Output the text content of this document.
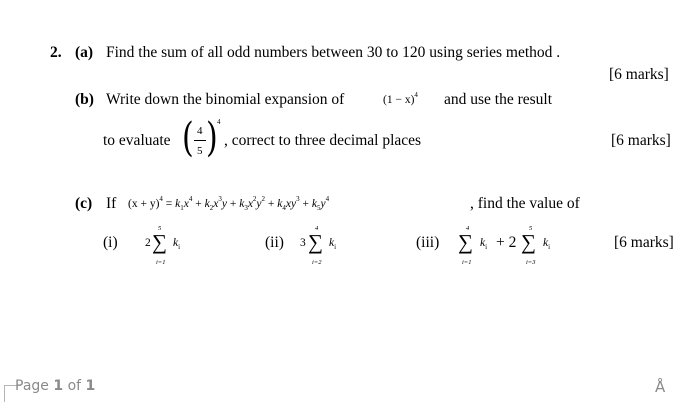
2. (a) Find the sum of all odd numbers between 30 to 120 using series method .
[6 marks]
(b) Write down the binomial expansion of	$(1 - x)^4$ and use the result
to evaluate ( 4
5 ) 4
, correct to three decimal places	[6 marks]
(c) If $(x + y)^4 = k_1x^4 + k_2x^3y + k_3x^2y^2 + k_4xy^3 + k_5y^4$	, find the value of
(i) 2 ∑
5
i=1
$k_i$	(ii) 3 ∑
4
i=2
$k_i$	(iii) ∑
4
i=1
$k_i + 2$ ∑
5
i=3
$k_i$	[6 marks]
Page 1 of 1	Å
